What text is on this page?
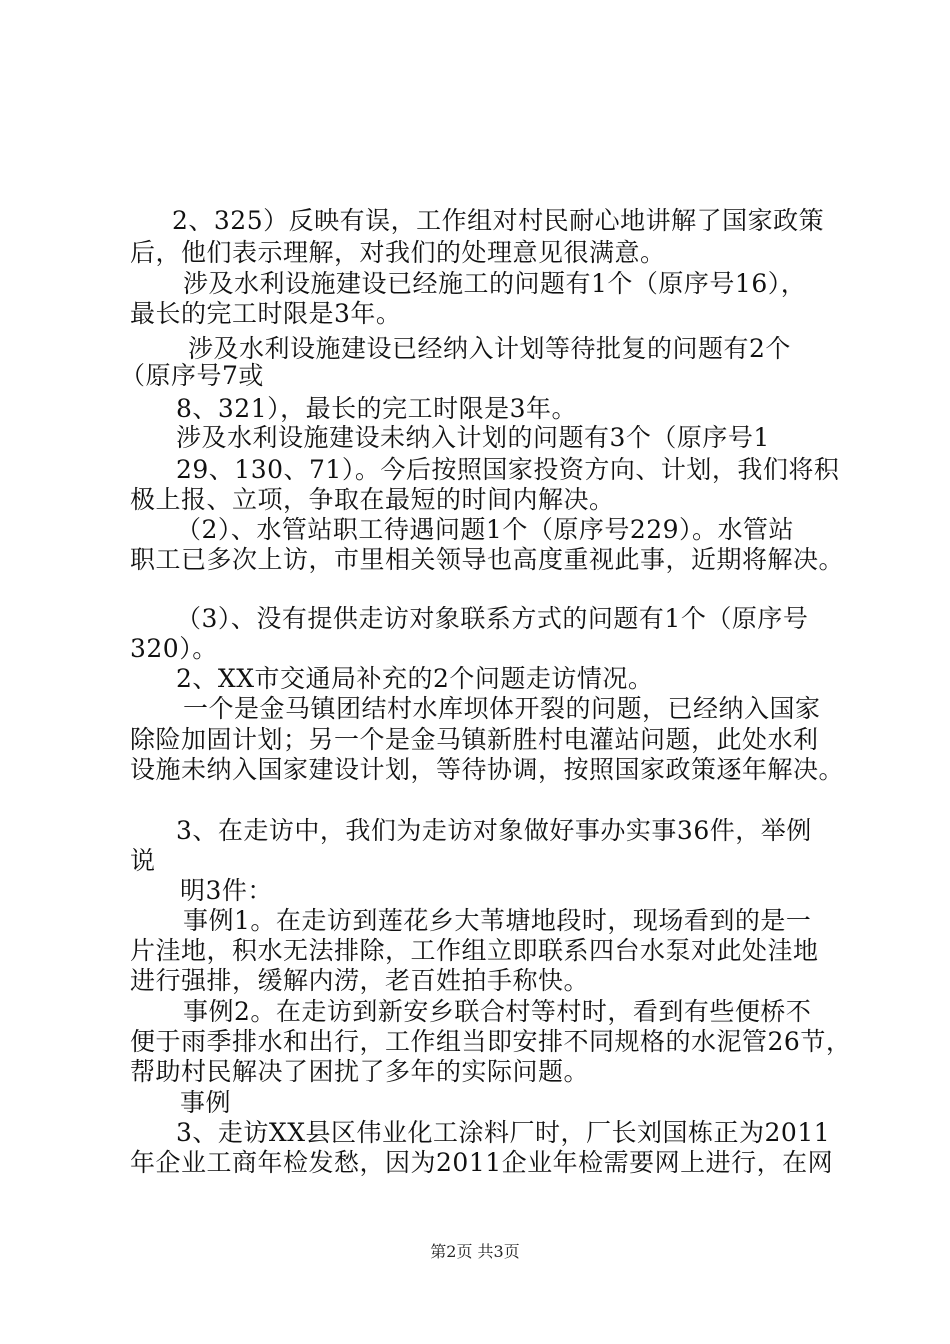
2、325）反映有误，工作组对村民耐心地讲解了国家政策
后，他们表示理解，对我们的处理意见很满意。
涉及水利设施建设已经施工的问题有1个（原序号16），
最长的完工时限是3年。
涉及水利设施建设已经纳入计划等待批复的问题有2个
（原序号7或
8、321），最长的完工时限是3年。
涉及水利设施建设未纳入计划的问题有3个（原序号1
29、130、71）。今后按照国家投资方向、计划，我们将积
极上报、立项，争取在最短的时间内解决。
（2）、水管站职工待遇问题1个（原序号229）。水管站
职工已多次上访，市里相关领导也高度重视此事，近期将解决。
（3）、没有提供走访对象联系方式的问题有1个（原序号
320）。
2、XX市交通局补充的2个问题走访情况。
一个是金马镇团结村水库坝体开裂的问题，已经纳入国家
除险加固计划；另一个是金马镇新胜村电灌站问题，此处水利
设施未纳入国家建设计划，等待协调，按照国家政策逐年解决。
3、在走访中，我们为走访对象做好事办实事36件，举例
说
明3件：
事例1。在走访到莲花乡大苇塘地段时，现场看到的是一
片洼地，积水无法排除，工作组立即联系四台水泵对此处洼地
进行强排，缓解内涝，老百姓拍手称快。
事例2。在走访到新安乡联合村等村时，看到有些便桥不
便于雨季排水和出行，工作组当即安排不同规格的水泥管26节，
帮助村民解决了困扰了多年的实际问题。
事例
3、走访XX县区伟业化工涂料厂时，厂长刘国栋正为2011
年企业工商年检发愁，因为2011企业年检需要网上进行，在网
第2页 共3页
